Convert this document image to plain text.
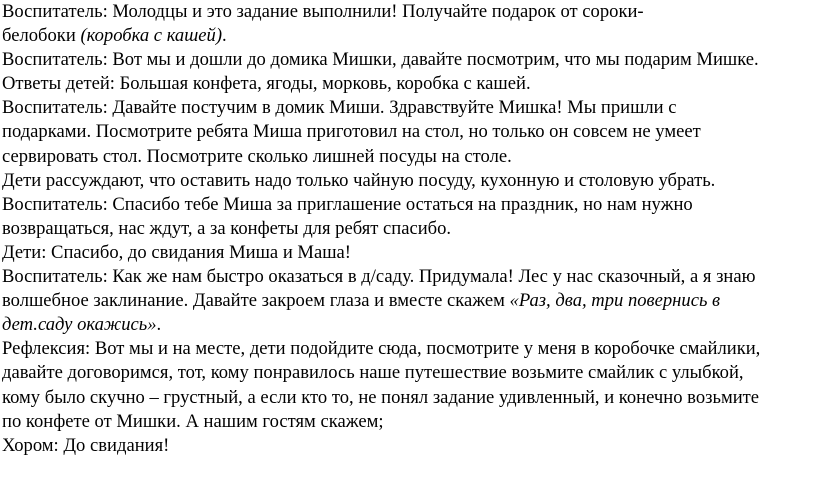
Воспитатель: Молодцы и это задание выполнили! Получайте подарок от сороки-
белобоки (коробка с кашей).
Воспитатель: Вот мы и дошли до домика Мишки, давайте посмотрим, что мы подарим Мишке.
Ответы детей: Большая конфета, ягоды, морковь, коробка с кашей.
Воспитатель: Давайте постучим в домик Миши. Здравствуйте Мишка! Мы пришли с
подарками. Посмотрите ребята Миша приготовил на стол, но только он совсем не умеет
сервировать стол. Посмотрите сколько лишней посуды на столе.
Дети рассуждают, что оставить надо только чайную посуду, кухонную и столовую убрать.
Воспитатель: Спасибо тебе Миша за приглашение остаться на праздник, но нам нужно
возвращаться, нас ждут, а за конфеты для ребят спасибо.
Дети: Спасибо, до свидания Миша и Маша!
Воспитатель: Как же нам быстро оказаться в д/саду. Придумала! Лес у нас сказочный, а я знаю
волшебное заклинание. Давайте закроем глаза и вместе скажем «Раз, два, три повернись в
дет.саду окажись».
Рефлексия: Вот мы и на месте, дети подойдите сюда, посмотрите у меня в коробочке смайлики,
давайте договоримся, тот, кому понравилось наше путешествие возьмите смайлик с улыбкой,
кому было скучно – грустный, а если кто то, не понял задание удивленный, и конечно возьмите
по конфете от Мишки. А нашим гостям скажем;
Хором: До свидания!
